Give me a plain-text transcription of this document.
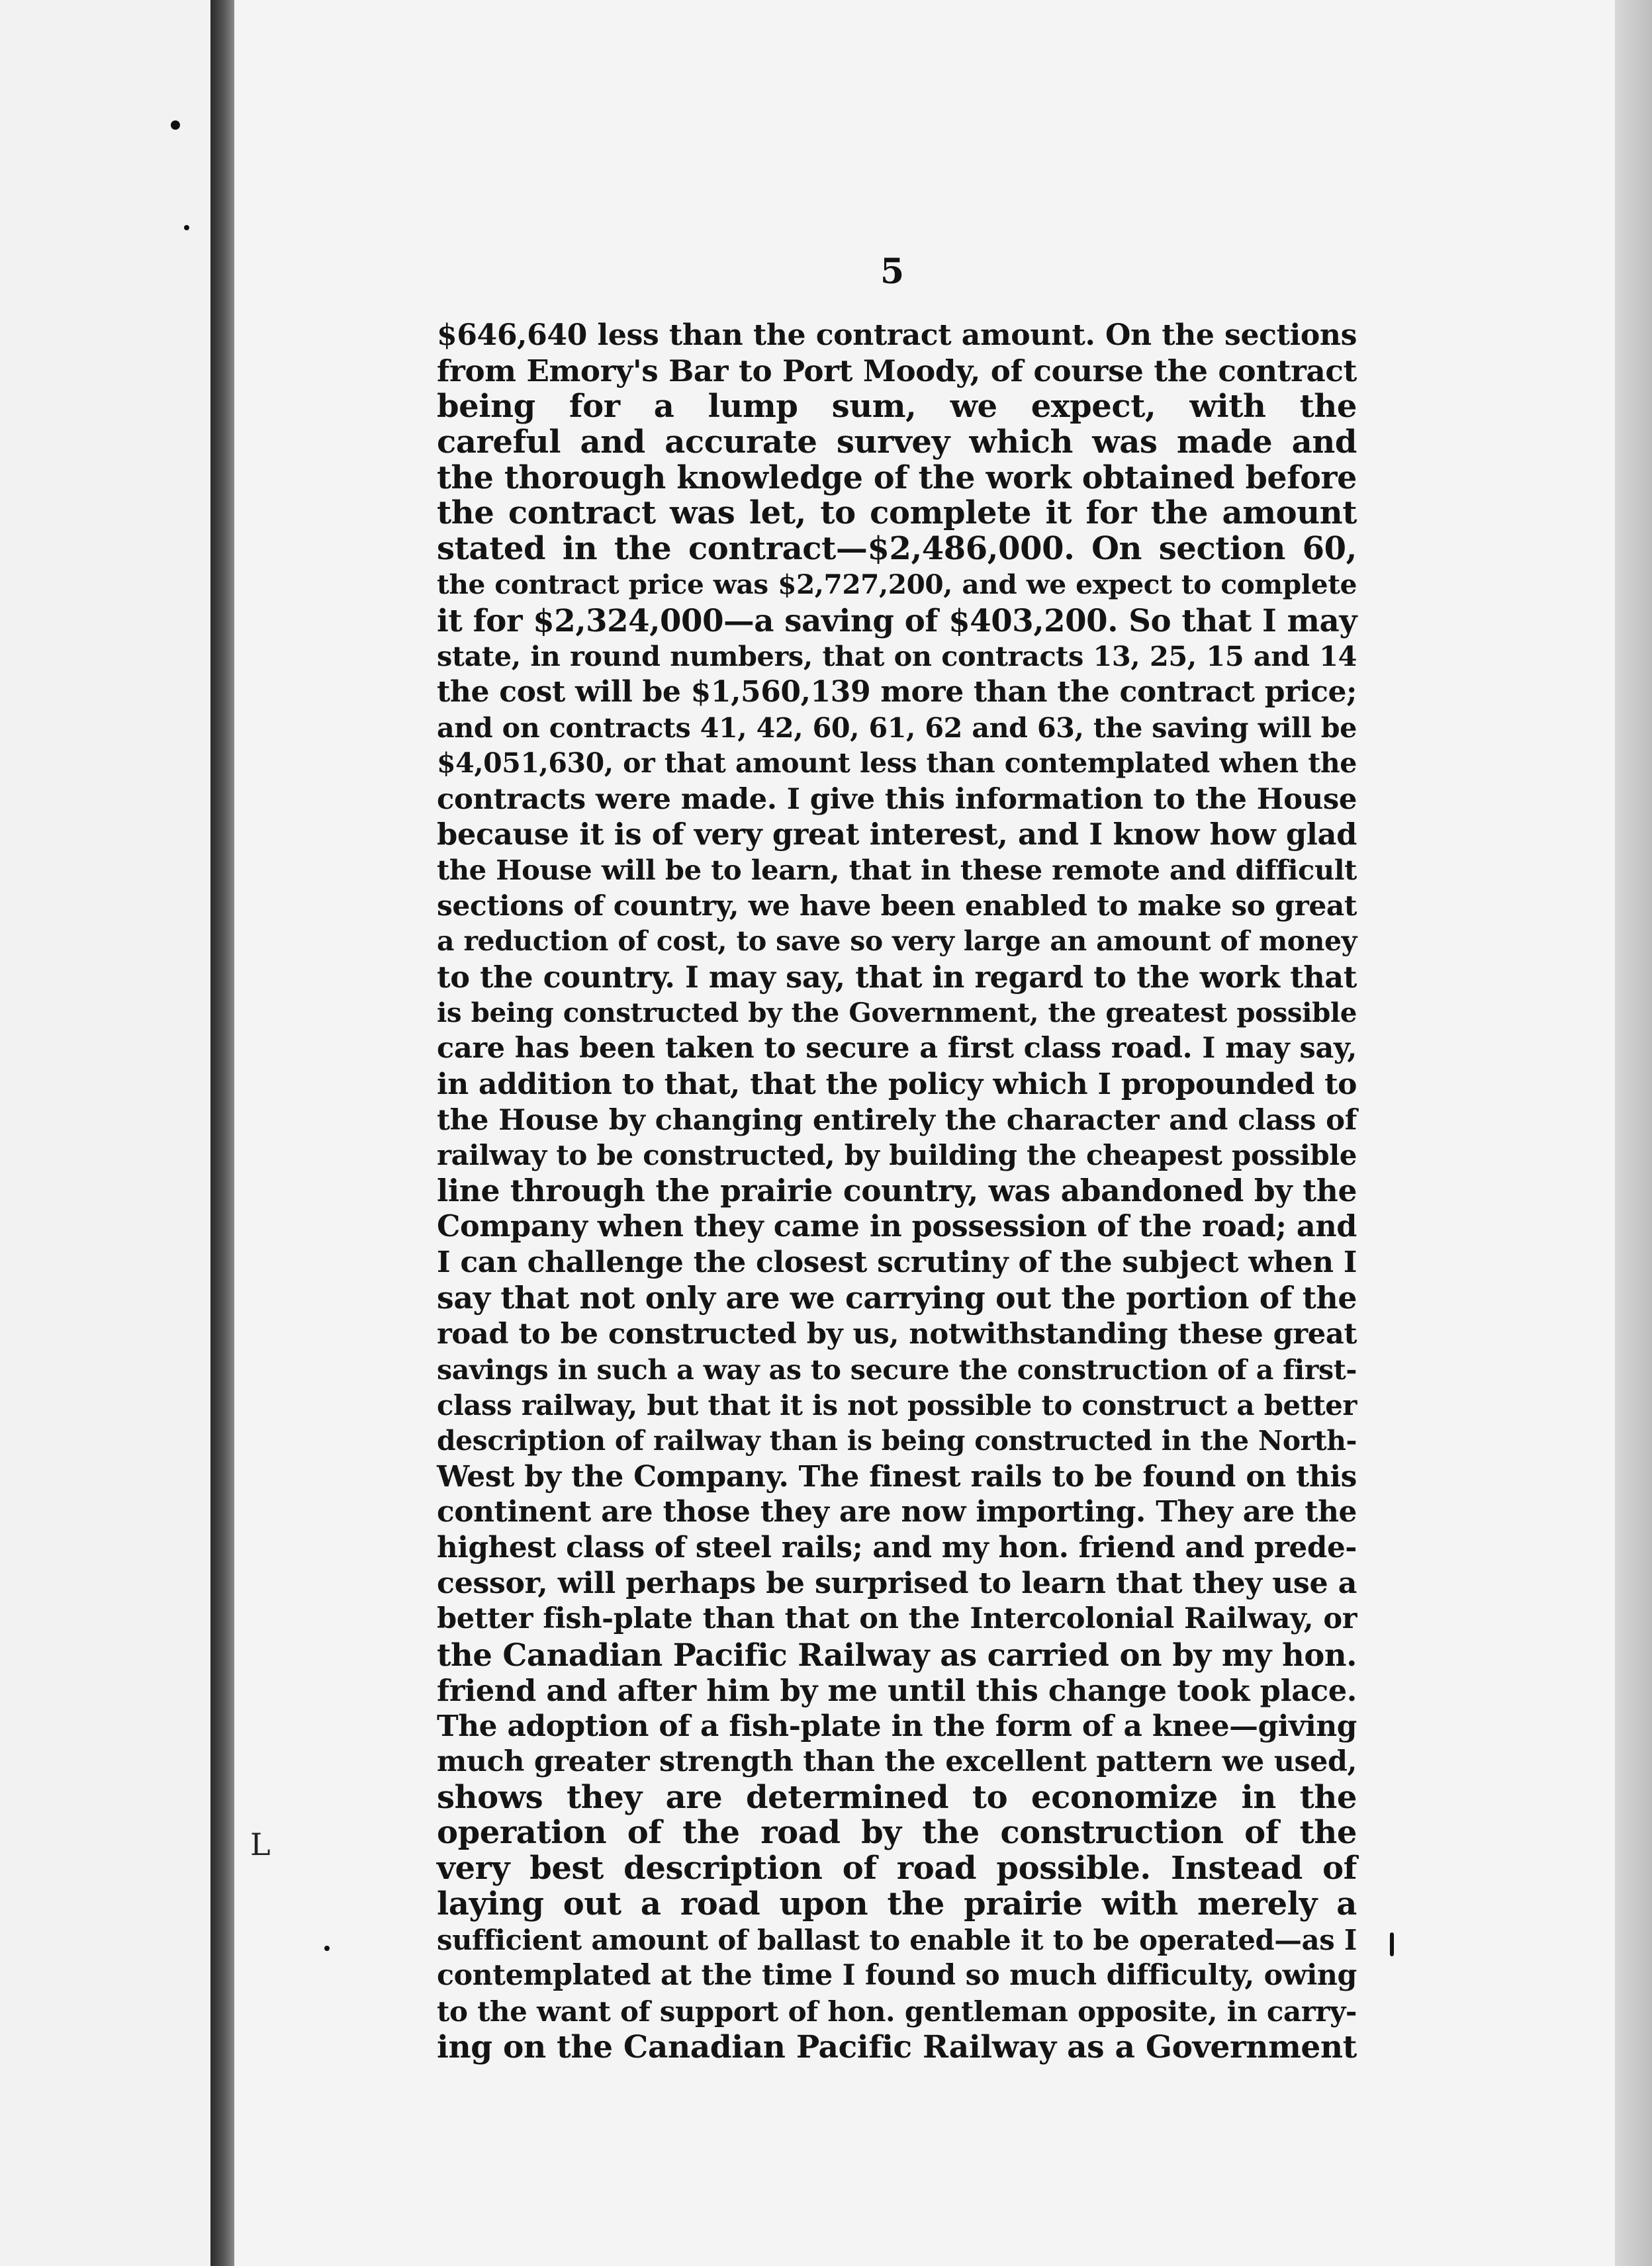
5
L
$646,640 less than the contract amount. On the sections
from Emory's Bar to Port Moody, of course the contract
being for a lump sum, we expect, with the
careful and accurate survey which was made and
the thorough knowledge of the work obtained before
the contract was let, to complete it for the amount
stated in the contract—$2,486,000. On section 60,
the contract price was $2,727,200, and we expect to complete
it for $2,324,000—a saving of $403,200. So that I may
state, in round numbers, that on contracts 13, 25, 15 and 14
the cost will be $1,560,139 more than the contract price;
and on contracts 41, 42, 60, 61, 62 and 63, the saving will be
$4,051,630, or that amount less than contemplated when the
contracts were made. I give this information to the House
because it is of very great interest, and I know how glad
the House will be to learn, that in these remote and difficult
sections of country, we have been enabled to make so great
a reduction of cost, to save so very large an amount of money
to the country. I may say, that in regard to the work that
is being constructed by the Government, the greatest possible
care has been taken to secure a first class road. I may say,
in addition to that, that the policy which I propounded to
the House by changing entirely the character and class of
railway to be constructed, by building the cheapest possible
line through the prairie country, was abandoned by the
Company when they came in possession of the road; and
I can challenge the closest scrutiny of the subject when I
say that not only are we carrying out the portion of the
road to be constructed by us, notwithstanding these great
savings in such a way as to secure the construction of a first-
class railway, but that it is not possible to construct a better
description of railway than is being constructed in the North-
West by the Company. The finest rails to be found on this
continent are those they are now importing. They are the
highest class of steel rails; and my hon. friend and prede-
cessor, will perhaps be surprised to learn that they use a
better fish-plate than that on the Intercolonial Railway, or
the Canadian Pacific Railway as carried on by my hon.
friend and after him by me until this change took place.
The adoption of a fish-plate in the form of a knee—giving
much greater strength than the excellent pattern we used,
shows they are determined to economize in the
operation of the road by the construction of the
very best description of road possible. Instead of
laying out a road upon the prairie with merely a
sufficient amount of ballast to enable it to be operated—as I
contemplated at the time I found so much difficulty, owing
to the want of support of hon. gentleman opposite, in carry-
ing on the Canadian Pacific Railway as a Government
